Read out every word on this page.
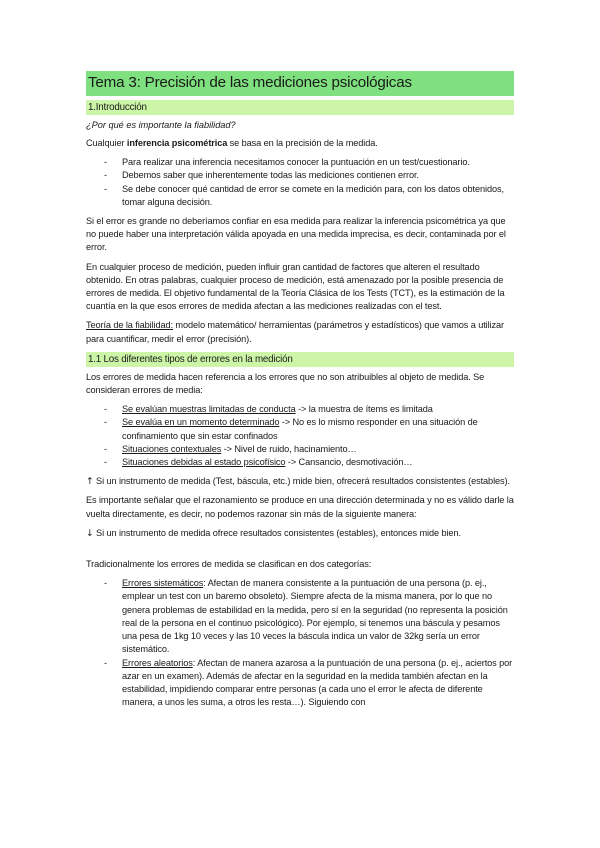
Tema 3: Precisión de las mediciones psicológicas
1.Introducción
¿Por qué es importante la fiabilidad?

Cualquier inferencia psicométrica se basa en la precisión de la medida.

- Para realizar una inferencia necesitamos conocer la puntuación en un test/cuestionario.
- Debemos saber que inherentemente todas las mediciones contienen error.
- Se debe conocer qué cantidad de error se comete en la medición para, con los datos obtenidos, tomar alguna decisión.

Si el error es grande no deberíamos confiar en esa medida para realizar la inferencia psicométrica ya que no puede haber una interpretación válida apoyada en una medida imprecisa, es decir, contaminada por el error.

En cualquier proceso de medición, pueden influir gran cantidad de factores que alteren el resultado obtenido. En otras palabras, cualquier proceso de medición, está amenazado por la posible presencia de errores de medida. El objetivo fundamental de la Teoría Clásica de los Tests (TCT), es la estimación de la cuantía en la que esos errores de medida afectan a las mediciones realizadas con el test.

Teoría de la fiabilidad: modelo matemático/ herramientas (parámetros y estadísticos) que vamos a utilizar para cuantificar, medir el error (precisión).

1.1 Los diferentes tipos de errores en la medición

Los errores de medida hacen referencia a los errores que no son atribuibles al objeto de medida. Se consideran errores de media:

- Se evalúan muestras limitadas de conducta -> la muestra de ítems es limitada
- Se evalúa en un momento determinado -> No es lo mismo responder en una situación de confinamiento que sin estar confinados
- Situaciones contextuales -> Nivel de ruido, hacinamiento…
- Situaciones debidas al estado psicofísico -> Cansancio, desmotivación…

↑ Si un instrumento de medida (Test, báscula, etc.) mide bien, ofrecerá resultados consistentes (estables).

Es importante señalar que el razonamiento se produce en una dirección determinada y no es válido darle la vuelta directamente, es decir, no podemos razonar sin más de la siguiente manera:

↓ Si un instrumento de medida ofrece resultados consistentes (estables), entonces mide bien.

Tradicionalmente los errores de medida se clasifican en dos categorías:

- Errores sistemáticos: Afectan de manera consistente a la puntuación de una persona (p. ej., emplear un test con un baremo obsoleto). Siempre afecta de la misma manera, por lo que no genera problemas de estabilidad en la medida, pero sí en la seguridad (no representa la posición real de la persona en el continuo psicológico). Por ejemplo, si tenemos una báscula y pesamos una pesa de 1kg 10 veces y las 10 veces la báscula indica un valor de 32kg sería un error sistemático.
- Errores aleatorios: Afectan de manera azarosa a la puntuación de una persona (p. ej., aciertos por azar en un examen). Además de afectar en la seguridad en la medida también afectan en la estabilidad, impidiendo comparar entre personas (a cada uno el error le afecta de diferente manera, a unos les suma, a otros les resta…). Siguiendo con
